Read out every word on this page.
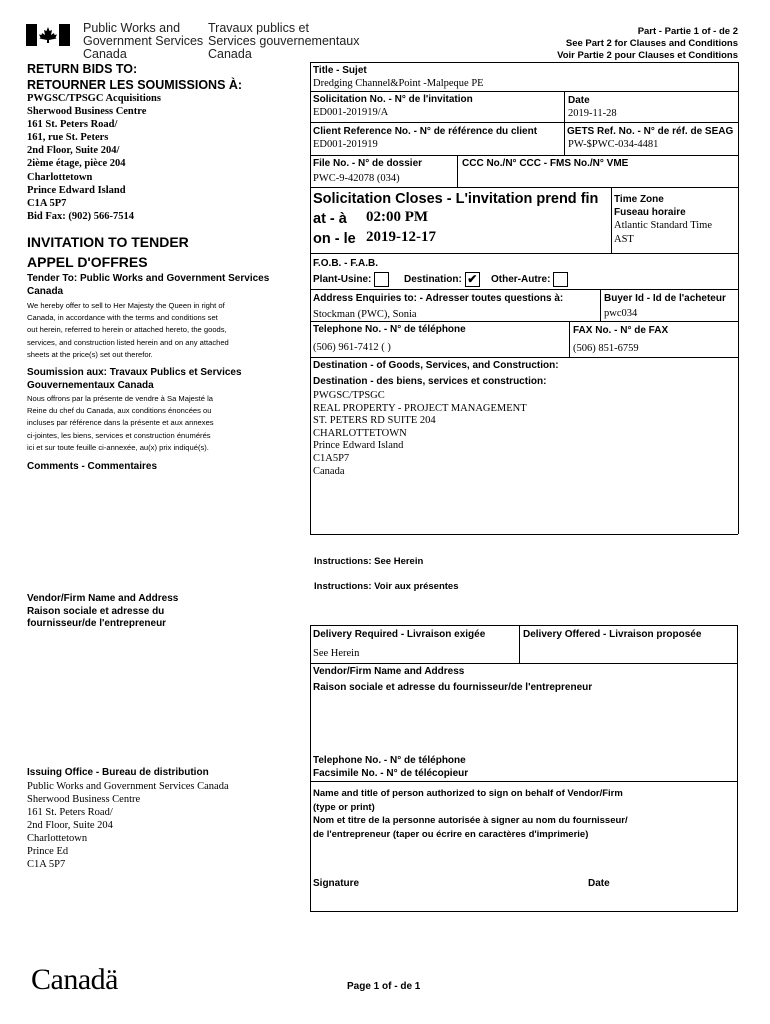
Public Works and
Government Services
Canada
Travaux publics et
Services gouvernementaux
Canada
Part - Partie 1 of - de 2
See Part 2 for Clauses and Conditions
Voir Partie 2 pour Clauses et Conditions
RETURN BIDS TO:
RETOURNER LES SOUMISSIONS À:
PWGSC/TPSGC Acquisitions
Sherwood Business Centre
161 St. Peters Road/
161, rue St. Peters
2nd Floor, Suite 204/
2ième étage, pièce 204
Charlottetown
Prince Edward Island
C1A 5P7
Bid Fax: (902) 566-7514
INVITATION TO TENDER
APPEL D'OFFRES
Tender To: Public Works and Government Services Canada
We hereby offer to sell to Her Majesty the Queen in right of
Canada, in accordance with the terms and conditions set
out herein, referred to herein or attached hereto, the goods,
services, and construction listed herein and on any attached
sheets at the price(s) set out therefor.
Soumission aux: Travaux Publics et Services Gouvernementaux Canada
Nous offrons par la présente de vendre à Sa Majesté la
Reine du chef du Canada, aux conditions énoncées ou
incluses par référence dans la présente et aux annexes
ci-jointes, les biens, services et construction énumérés
ici et sur toute feuille ci-annexée, au(x) prix indiqué(s).
Comments - Commentaires
Vendor/Firm Name and Address
Raison sociale et adresse du
fournisseur/de l'entrepreneur
Issuing Office - Bureau de distribution
Public Works and Government Services Canada
Sherwood Business Centre
161 St. Peters Road/
2nd Floor, Suite 204
Charlottetown
Prince Ed
C1A 5P7
Title - Sujet
Dredging Channel&Point -Malpeque PE
Solicitation No. - N° de l'invitation
ED001-201919/A
Date
2019-11-28
Client Reference No. - N° de référence du client
ED001-201919
GETS Ref. No. - N° de réf. de SEAG
PW-$PWC-034-4481
File No. - N° de dossier
PWC-9-42078 (034)
CCC No./N° CCC - FMS No./N° VME
Solicitation Closes - L'invitation prend fin
at - à 02:00 PM
on - le 2019-12-17
Time Zone
Fuseau horaire
Atlantic Standard Time
AST
F.O.B. - F.A.B.
Plant-Usine:	Destination: ✔ Other-Autre:
Address Enquiries to: - Adresser toutes questions à:
Stockman (PWC), Sonia
Buyer Id - Id de l'acheteur
pwc034
Telephone No. - N° de téléphone
(506) 961-7412 ( )
FAX No. - N° de FAX
(506) 851-6759
Destination - of Goods, Services, and Construction:
Destination - des biens, services et construction:
PWGSC/TPSGC
REAL PROPERTY - PROJECT MANAGEMENT
ST. PETERS RD SUITE 204
CHARLOTTETOWN
Prince Edward Island
C1A5P7
Canada
Instructions: See Herein
Instructions: Voir aux présentes
Delivery Required - Livraison exigée
See Herein
Delivery Offered - Livraison proposée
Vendor/Firm Name and Address
Raison sociale et adresse du fournisseur/de l'entrepreneur
Telephone No. - N° de téléphone
Facsimile No. - N° de télécopieur
Name and title of person authorized to sign on behalf of Vendor/Firm
(type or print)
Nom et titre de la personne autorisée à signer au nom du fournisseur/
de l'entrepreneur (taper ou écrire en caractères d'imprimerie)
Signature	Date
Canadä	Page 1 of - de 1
